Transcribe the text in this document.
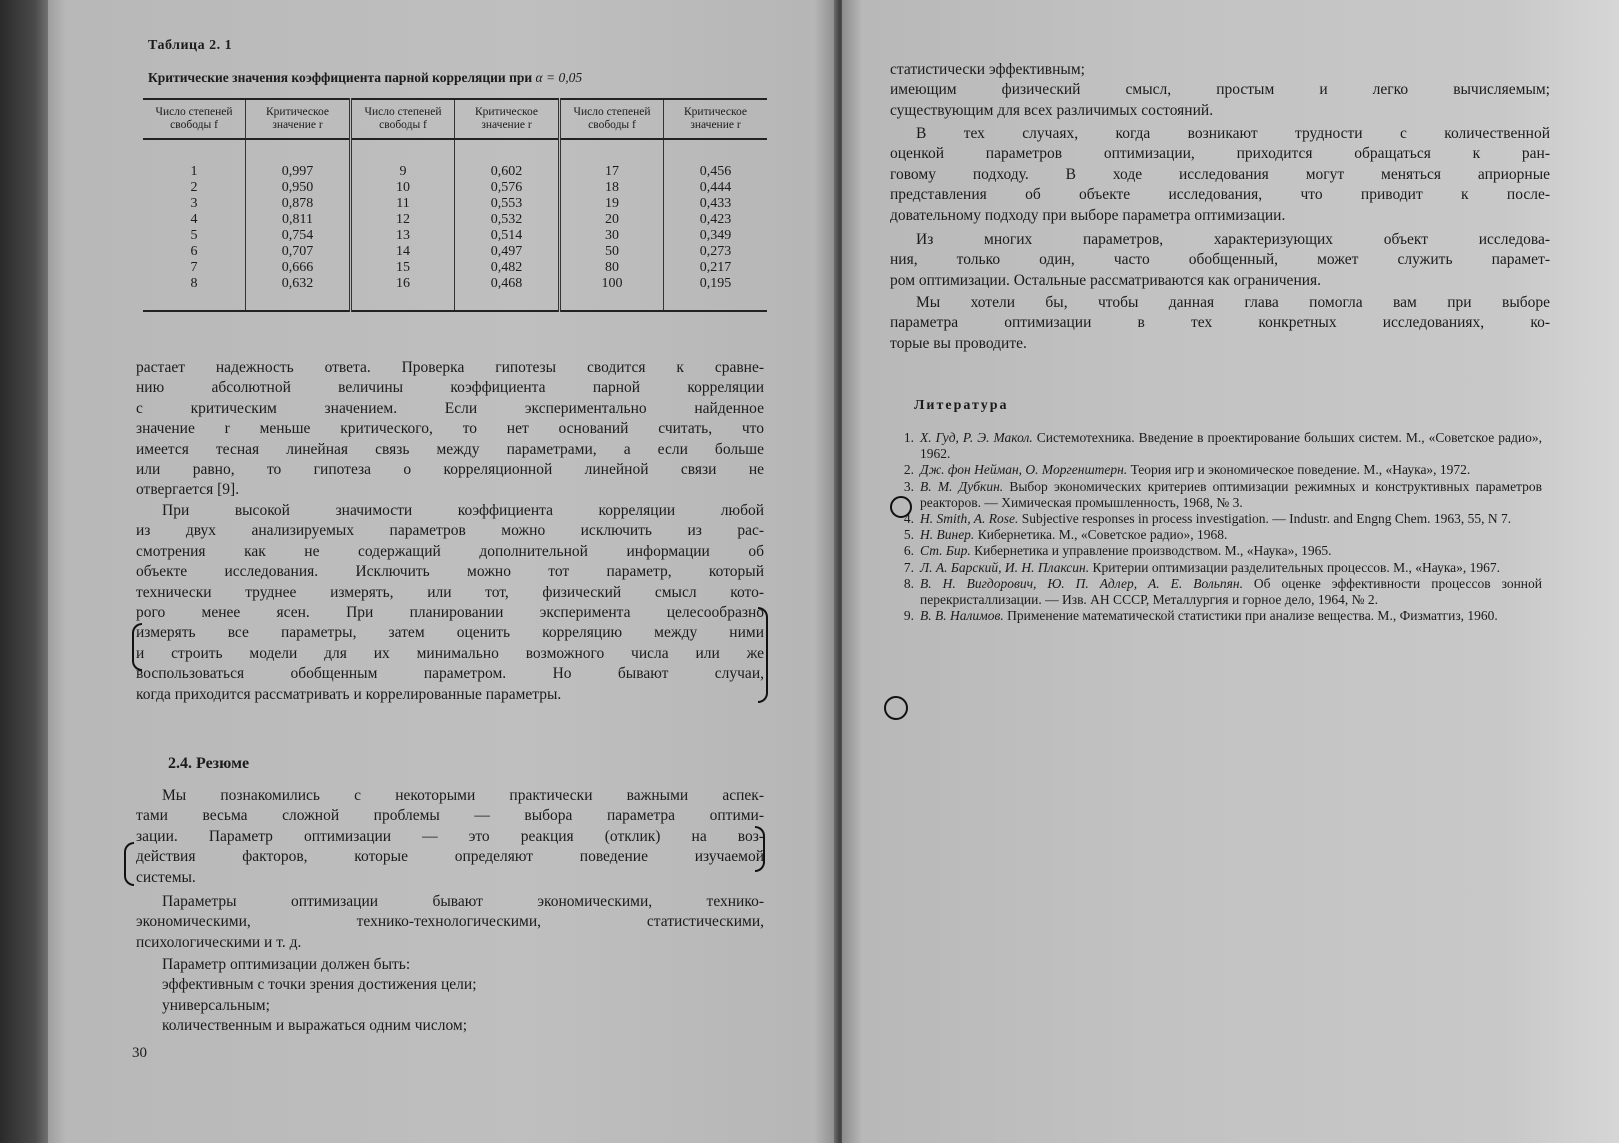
Таблица 2. 1
Критические значения коэффициента парной корреляции при α = 0,05
Число степеней свободы f	Критическое значение r	Число степеней свободы f	Критическое значение r	Число степеней свободы f	Критическое значение r
1	0,997	9	0,602	17	0,456
2	0,950	10	0,576	18	0,444
3	0,878	11	0,553	19	0,433
4	0,811	12	0,532	20	0,423
5	0,754	13	0,514	30	0,349
6	0,707	14	0,497	50	0,273
7	0,666	15	0,482	80	0,217
8	0,632	16	0,468	100	0,195
растает надежность ответа. Проверка гипотезы сводится к сравне-
нию абсолютной величины коэффициента парной корреляции
с критическим значением. Если экспериментально найденное
значение r меньше критического, то нет оснований считать, что
имеется тесная линейная связь между параметрами, а если больше
или равно, то гипотеза о корреляционной линейной связи не
отвергается [9].
При высокой значимости коэффициента корреляции любой
из двух анализируемых параметров можно исключить из рас-
смотрения как не содержащий дополнительной информации об
объекте исследования. Исключить можно тот параметр, который
технически труднее измерять, или тот, физический смысл кото-
рого менее ясен. При планировании эксперимента целесообразно
измерять все параметры, затем оценить корреляцию между ними
и строить модели для их минимально возможного числа или же
воспользоваться обобщенным параметром. Но бывают случаи,
когда приходится рассматривать и коррелированные параметры.
2.4. Резюме
Мы познакомились с некоторыми практически важными аспек-
тами весьма сложной проблемы — выбора параметра оптими-
зации. Параметр оптимизации — это реакция (отклик) на воз-
действия факторов, которые определяют поведение изучаемой
системы.
Параметры оптимизации бывают экономическими, технико-
экономическими, технико-технологическими, статистическими,
психологическими и т. д.
Параметр оптимизации должен быть:
эффективным с точки зрения достижения цели;
универсальным;
количественным и выражаться одним числом;
30
статистически эффективным;
имеющим физический смысл, простым и легко вычисляемым;
существующим для всех различимых состояний.
В тех случаях, когда возникают трудности с количественной
оценкой параметров оптимизации, приходится обращаться к ран-
говому подходу. В ходе исследования могут меняться априорные
представления об объекте исследования, что приводит к после-
довательному подходу при выборе параметра оптимизации.
Из многих параметров, характеризующих объект исследова-
ния, только один, часто обобщенный, может служить парамет-
ром оптимизации. Остальные рассматриваются как ограничения.
Мы хотели бы, чтобы данная глава помогла вам при выборе
параметра оптимизации в тех конкретных исследованиях, ко-
торые вы проводите.
Литература
1. Х. Гуд, Р. Э. Макол. Системотехника. Введение в проектирование больших систем. М., «Советское радио», 1962.
2. Дж. фон Нейман, О. Моргенштерн. Теория игр и экономическое поведение. М., «Наука», 1972.
3. В. М. Дубкин. Выбор экономических критериев оптимизации режимных и конструктивных параметров реакторов. — Химическая промышленность, 1968, № 3.
4. H. Smith, A. Rose. Subjective responses in process investigation. — Industr. and Engng Chem. 1963, 55, N 7.
5. Н. Винер. Кибернетика. М., «Советское радио», 1968.
6. Ст. Бир. Кибернетика и управление производством. М., «Наука», 1965.
7. Л. А. Барский, И. Н. Плаксин. Критерии оптимизации разделительных процессов. М., «Наука», 1967.
8. В. Н. Вигдорович, Ю. П. Адлер, А. Е. Вольпян. Об оценке эффективности процессов зонной перекристаллизации. — Изв. АН СССР, Металлургия и горное дело, 1964, № 2.
9. В. В. Налимов. Применение математической статистики при анализе вещества. М., Физматгиз, 1960.
